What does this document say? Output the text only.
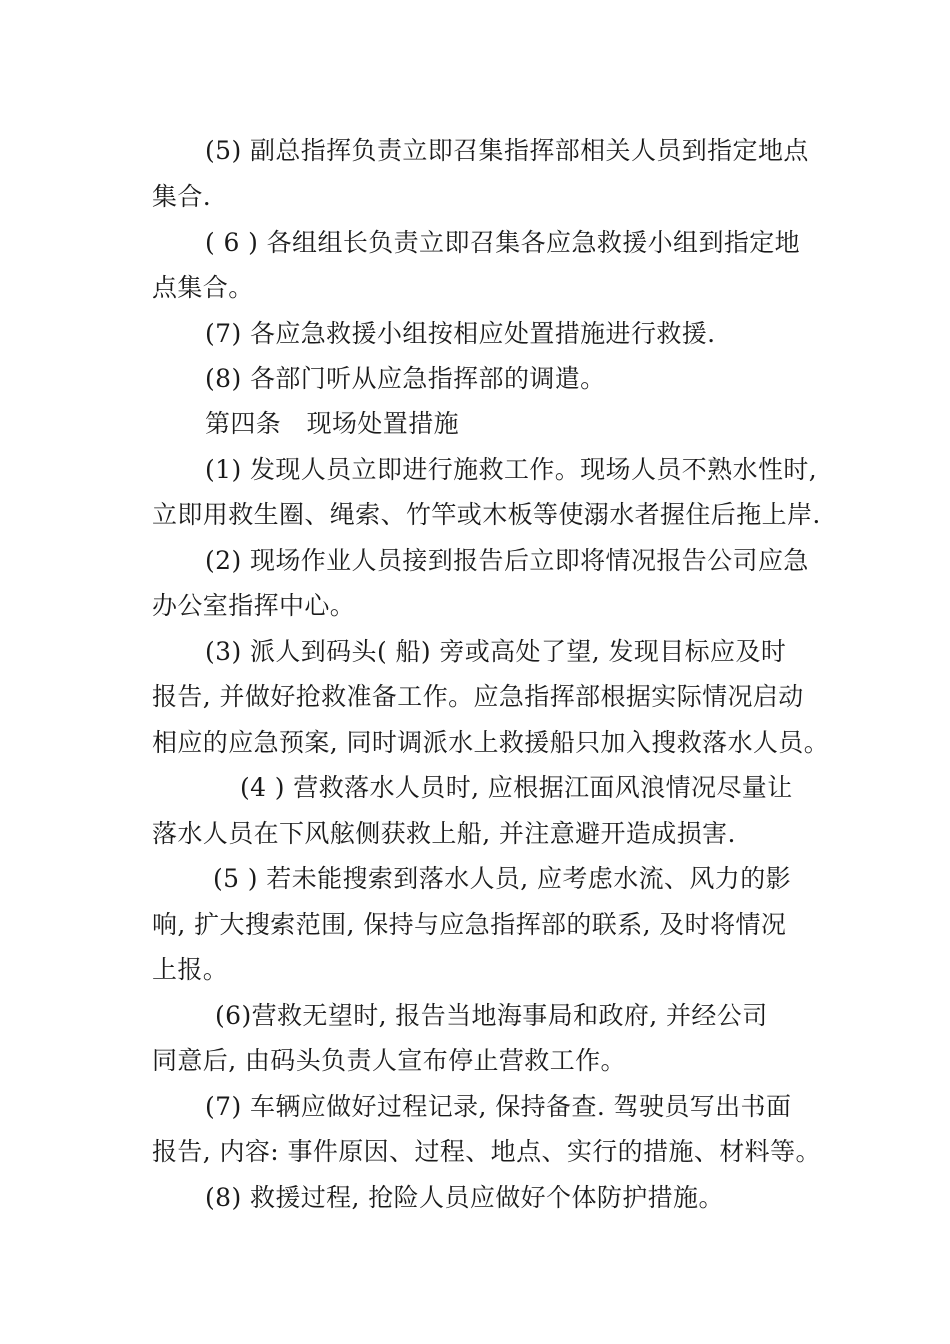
(5) 副总指挥负责立即召集指挥部相关人员到指定地点
集合.
( 6 ) 各组组长负责立即召集各应急救援小组到指定地
点集合。
(7) 各应急救援小组按相应处置措施进行救援.
(8) 各部门听从应急指挥部的调遣。
第四条　现场处置措施
(1) 发现人员立即进行施救工作。现场人员不熟水性时,
立即用救生圈、绳索、竹竿或木板等使溺水者握住后拖上岸.
(2) 现场作业人员接到报告后立即将情况报告公司应急
办公室指挥中心。
(3) 派人到码头( 船) 旁或高处了望, 发现目标应及时
报告, 并做好抢救准备工作。应急指挥部根据实际情况启动
相应的应急预案, 同时调派水上救援船只加入搜救落水人员。
(4 ) 营救落水人员时, 应根据江面风浪情况尽量让
落水人员在下风舷侧获救上船, 并注意避开造成损害.
(5 ) 若未能搜索到落水人员, 应考虑水流、风力的影
响, 扩大搜索范围, 保持与应急指挥部的联系, 及时将情况
上报。
(6)营救无望时, 报告当地海事局和政府, 并经公司
同意后, 由码头负责人宣布停止营救工作。
(7) 车辆应做好过程记录, 保持备查. 驾驶员写出书面
报告, 内容: 事件原因、过程、地点、实行的措施、材料等。
(8) 救援过程, 抢险人员应做好个体防护措施。
